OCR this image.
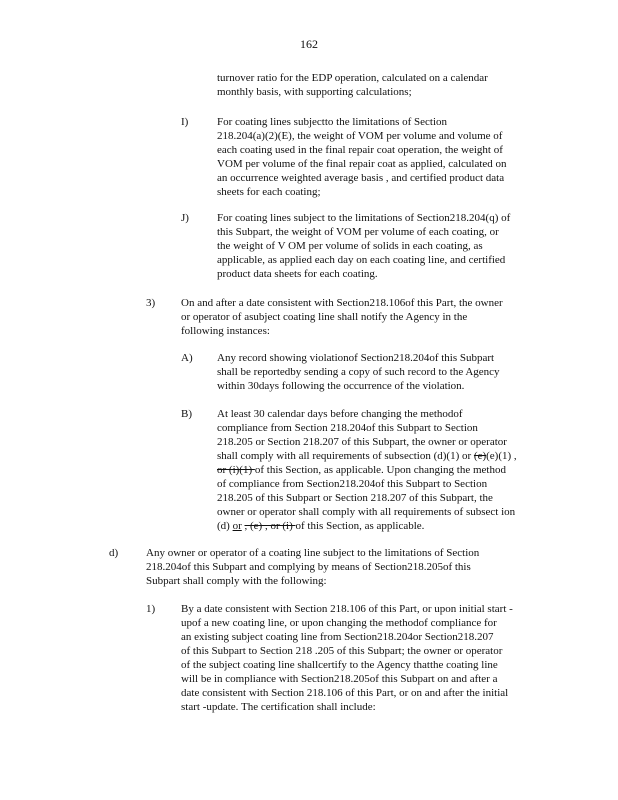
162
turnover ratio for the EDP operation, calculated on a calendar
monthly basis, with supporting calculations;
I)	For coating lines subjectto the limitations of Section
218.204(a)(2)(E), the weight of VOM per volume and volume of
each coating used in the final repair coat operation, the weight of
VOM per volume of the final repair coat as applied, calculated on
an occurrence weighted average basis , and certified product data
sheets for each coating;
J)	For coating lines subject to the limitations of Section218.204(q) of
this Subpart, the weight of VOM per volume of each coating, or
the weight of V OM per volume of solids in each coating, as
applicable, as applied each day on each coating line, and certified
product data sheets for each coating.
3) On and after a date consistent with Section218.106of this Part, the owner
or operator of asubject coating line shall notify the Agency in the
following instances:
A) Any record showing violationof Section218.204of this Subpart
shall be reportedby sending a copy of such record to the Agency
within 30days following the occurrence of the violation.
B) At least 30 calendar days before changing the methodof
compliance from Section 218.204of this Subpart to Section
218.205 or Section 218.207 of this Subpart, the owner or operator
shall comply with all requirements of subsection (d)(1) or (e)(e)(1) ,
or (i)(1) of this Section, as applicable. Upon changing the method
of compliance from Section218.204of this Subpart to Section
218.205 of this Subpart or Section 218.207 of this Subpart, the
owner or operator shall comply with all requirements of subsect ion
(d) or , (e) , or (i) of this Section, as applicable.
d)	Any owner or operator of a coating line subject to the limitations of Section
218.204of this Subpart and complying by means of Section218.205of this
Subpart shall comply with the following:
1) By a date consistent with Section 218.106 of this Part, or upon initial start -
upof a new coating line, or upon changing the methodof compliance for
an existing subject coating line from Section218.204or Section218.207
of this Subpart to Section 218 .205 of this Subpart; the owner or operator
of the subject coating line shallcertify to the Agency thatthe coating line
will be in compliance with Section218.205of this Subpart on and after a
date consistent with Section 218.106 of this Part, or on and after the initial
start -update. The certification shall include:
